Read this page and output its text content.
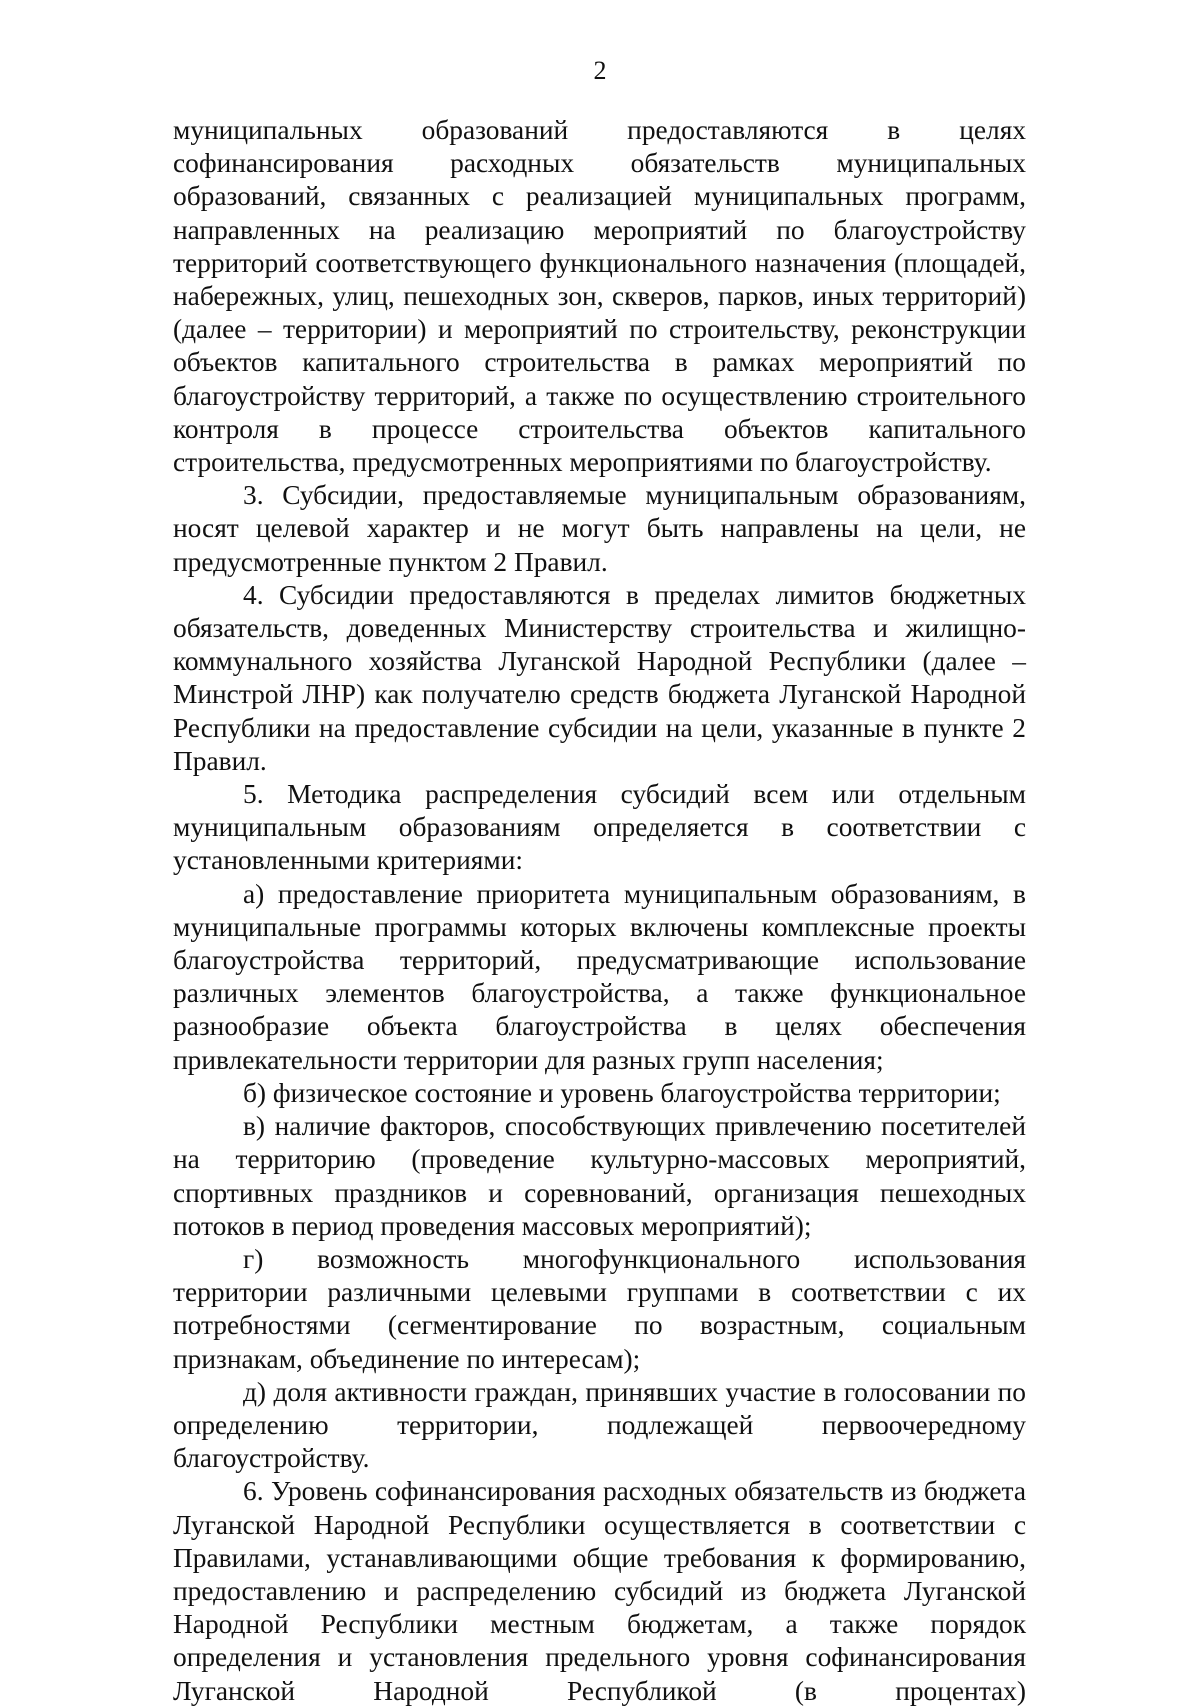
2

муниципальных образований предоставляются в целях софинансирования расходных обязательств муниципальных образований, связанных с реализацией муниципальных программ, направленных на реализацию мероприятий по благоустройству территорий соответствующего функционального назначения (площадей, набережных, улиц, пешеходных зон, скверов, парков, иных территорий) (далее – территории) и мероприятий по строительству, реконструкции объектов капитального строительства в рамках мероприятий по благоустройству территорий, а также по осуществлению строительного контроля в процессе строительства объектов капитального строительства, предусмотренных мероприятиями по благоустройству.

3. Субсидии, предоставляемые муниципальным образованиям, носят целевой характер и не могут быть направлены на цели, не предусмотренные пунктом 2 Правил.

4. Субсидии предоставляются в пределах лимитов бюджетных обязательств, доведенных Министерству строительства и жилищно-коммунального хозяйства Луганской Народной Республики (далее – Минстрой ЛНР) как получателю средств бюджета Луганской Народной Республики на предоставление субсидии на цели, указанные в пункте 2 Правил.

5. Методика распределения субсидий всем или отдельным муниципальным образованиям определяется в соответствии с установленными критериями:

а) предоставление приоритета муниципальным образованиям, в муниципальные программы которых включены комплексные проекты благоустройства территорий, предусматривающие использование различных элементов благоустройства, а также функциональное разнообразие объекта благоустройства в целях обеспечения привлекательности территории для разных групп населения;

б) физическое состояние и уровень благоустройства территории;

в) наличие факторов, способствующих привлечению посетителей на территорию (проведение культурно-массовых мероприятий, спортивных праздников и соревнований, организация пешеходных потоков в период проведения массовых мероприятий);

г) возможность многофункционального использования территории различными целевыми группами в соответствии с их потребностями (сегментирование по возрастным, социальным признакам, объединение по интересам);

д) доля активности граждан, принявших участие в голосовании по определению территории, подлежащей первоочередному благоустройству.

6. Уровень софинансирования расходных обязательств из бюджета Луганской Народной Республики осуществляется в соответствии с Правилами, устанавливающими общие требования к формированию, предоставлению и распределению субсидий из бюджета Луганской Народной Республики местным бюджетам, а также порядок определения и установления предельного уровня софинансирования Луганской Народной Республикой (в процентах)
